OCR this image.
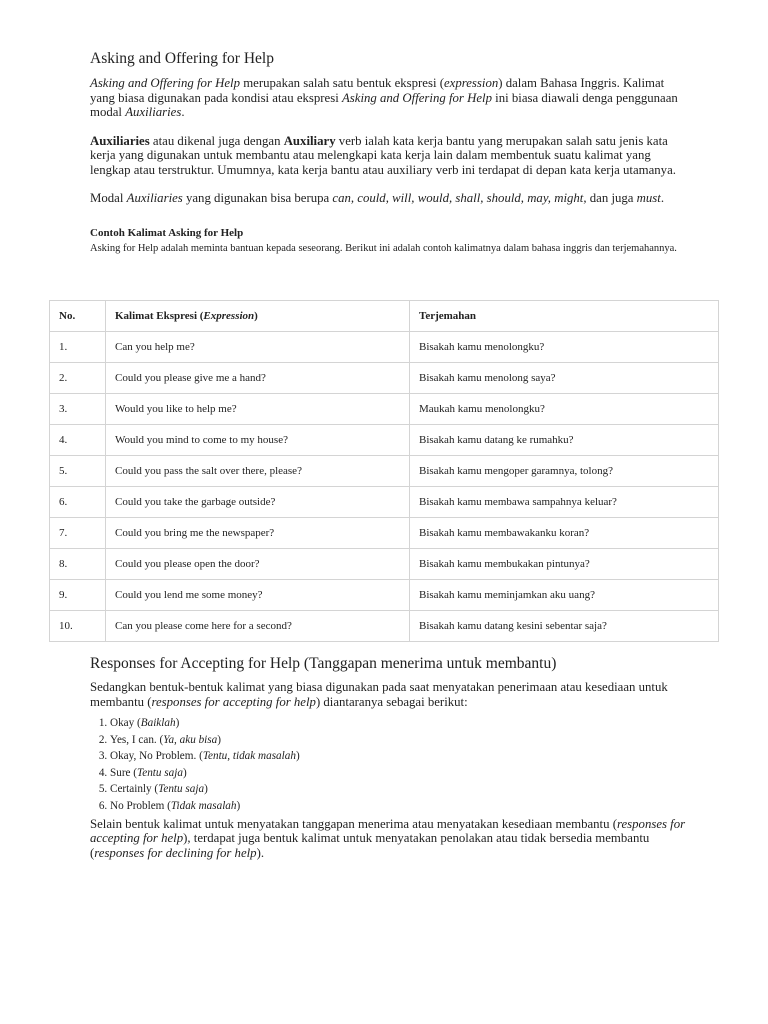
Asking and Offering for Help

Asking and Offering for Help merupakan salah satu bentuk ekspresi (expression) dalam Bahasa Inggris. Kalimat yang biasa digunakan pada kondisi atau ekspresi Asking and Offering for Help ini biasa diawali denga penggunaan modal Auxiliaries.

Auxiliaries atau dikenal juga dengan Auxiliary verb ialah kata kerja bantu yang merupakan salah satu jenis kata kerja yang digunakan untuk membantu atau melengkapi kata kerja lain dalam membentuk suatu kalimat yang lengkap atau terstruktur. Umumnya, kata kerja bantu atau auxiliary verb ini terdapat di depan kata kerja utamanya.

Modal Auxiliaries yang digunakan bisa berupa can, could, will, would, shall, should, may, might, dan juga must.

Contoh Kalimat Asking for Help
Asking for Help adalah meminta bantuan kepada seseorang. Berikut ini adalah contoh kalimatnya dalam bahasa inggris dan terjemahannya.
No.	Kalimat Ekspresi (Expression)	Terjemahan
1.	Can you help me?	Bisakah kamu menolongku?
2.	Could you please give me a hand?	Bisakah kamu menolong saya?
3.	Would you like to help me?	Maukah kamu menolongku?
4.	Would you mind to come to my house?	Bisakah kamu datang ke rumahku?
5.	Could you pass the salt over there, please?	Bisakah kamu mengoper garamnya, tolong?
6.	Could you take the garbage outside?	Bisakah kamu membawa sampahnya keluar?
7.	Could you bring me the newspaper?	Bisakah kamu membawakanku koran?
8.	Could you please open the door?	Bisakah kamu membukakan pintunya?
9.	Could you lend me some money?	Bisakah kamu meminjamkan aku uang?
10.	Can you please come here for a second?	Bisakah kamu datang kesini sebentar saja?
Responses for Accepting for Help (Tanggapan menerima untuk membantu)

Sedangkan bentuk-bentuk kalimat yang biasa digunakan pada saat menyatakan penerimaan atau kesediaan untuk membantu (responses for accepting for help) diantaranya sebagai berikut:

1. Okay (Baiklah)
2. Yes, I can. (Ya, aku bisa)
3. Okay, No Problem. (Tentu, tidak masalah)
4. Sure (Tentu saja)
5. Certainly (Tentu saja)
6. No Problem (Tidak masalah)

Selain bentuk kalimat untuk menyatakan tanggapan menerima atau menyatakan kesediaan membantu (responses for accepting for help), terdapat juga bentuk kalimat untuk menyatakan penolakan atau tidak bersedia membantu (responses for declining for help).
